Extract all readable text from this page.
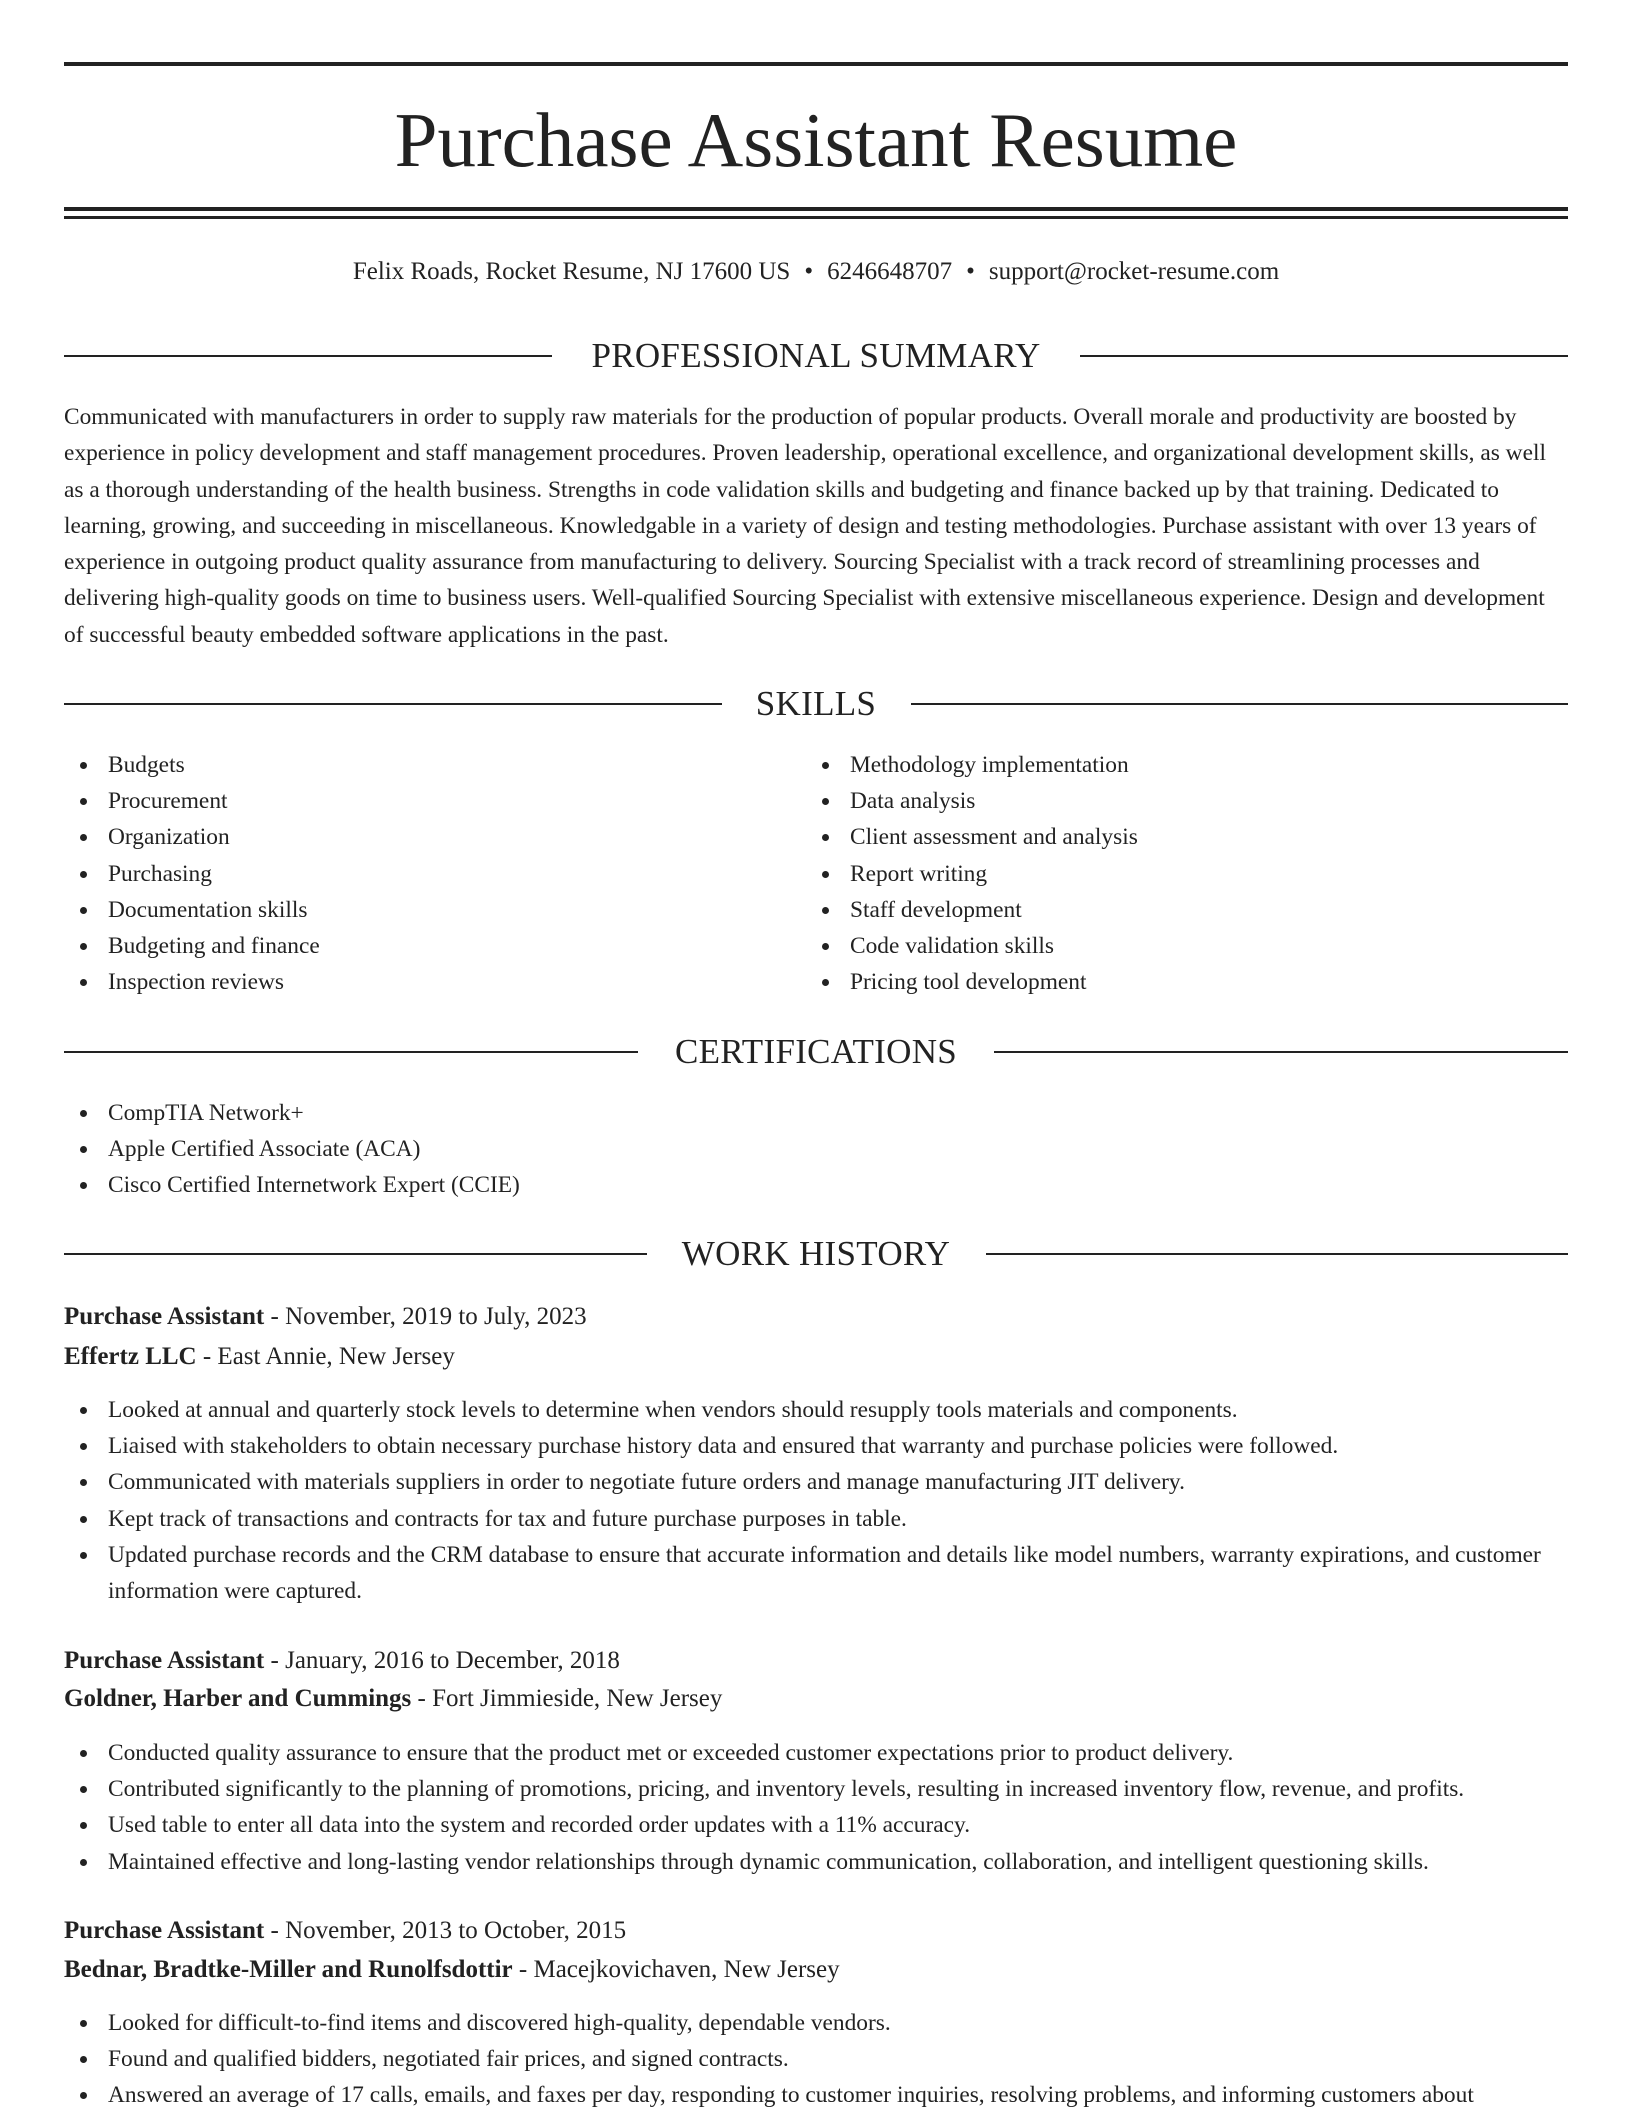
Purchase Assistant Resume
Felix Roads, Rocket Resume, NJ 17600 US • 6246648707 • support@rocket-resume.com
PROFESSIONAL SUMMARY

Communicated with manufacturers in order to supply raw materials for the production of popular products. Overall morale and productivity are boosted by experience in policy development and staff management procedures. Proven leadership, operational excellence, and organizational development skills, as well as a thorough understanding of the health business. Strengths in code validation skills and budgeting and finance backed up by that training. Dedicated to learning, growing, and succeeding in miscellaneous. Knowledgable in a variety of design and testing methodologies. Purchase assistant with over 13 years of experience in outgoing product quality assurance from manufacturing to delivery. Sourcing Specialist with a track record of streamlining processes and delivering high-quality goods on time to business users. Well-qualified Sourcing Specialist with extensive miscellaneous experience. Design and development of successful beauty embedded software applications in the past.

SKILLS
Budgets
Procurement
Organization
Purchasing
Documentation skills
Budgeting and finance
Inspection reviews
Methodology implementation
Data analysis
Client assessment and analysis
Report writing
Staff development
Code validation skills
Pricing tool development
CERTIFICATIONS
CompTIA Network+
Apple Certified Associate (ACA)
Cisco Certified Internetwork Expert (CCIE)
WORK HISTORY
Purchase Assistant - November, 2019 to July, 2023
Effertz LLC - East Annie, New Jersey
Looked at annual and quarterly stock levels to determine when vendors should resupply tools materials and components.
Liaised with stakeholders to obtain necessary purchase history data and ensured that warranty and purchase policies were followed.
Communicated with materials suppliers in order to negotiate future orders and manage manufacturing JIT delivery.
Kept track of transactions and contracts for tax and future purchase purposes in table.
Updated purchase records and the CRM database to ensure that accurate information and details like model numbers, warranty expirations, and customer information were captured.
Purchase Assistant - January, 2016 to December, 2018
Goldner, Harber and Cummings - Fort Jimmieside, New Jersey
Conducted quality assurance to ensure that the product met or exceeded customer expectations prior to product delivery.
Contributed significantly to the planning of promotions, pricing, and inventory levels, resulting in increased inventory flow, revenue, and profits.
Used table to enter all data into the system and recorded order updates with a 11% accuracy.
Maintained effective and long-lasting vendor relationships through dynamic communication, collaboration, and intelligent questioning skills.
Purchase Assistant - November, 2013 to October, 2015
Bednar, Bradtke-Miller and Runolfsdottir - Macejkovichaven, New Jersey
Looked for difficult-to-find items and discovered high-quality, dependable vendors.
Found and qualified bidders, negotiated fair prices, and signed contracts.
Answered an average of 17 calls, emails, and faxes per day, responding to customer inquiries, resolving problems, and informing customers about
